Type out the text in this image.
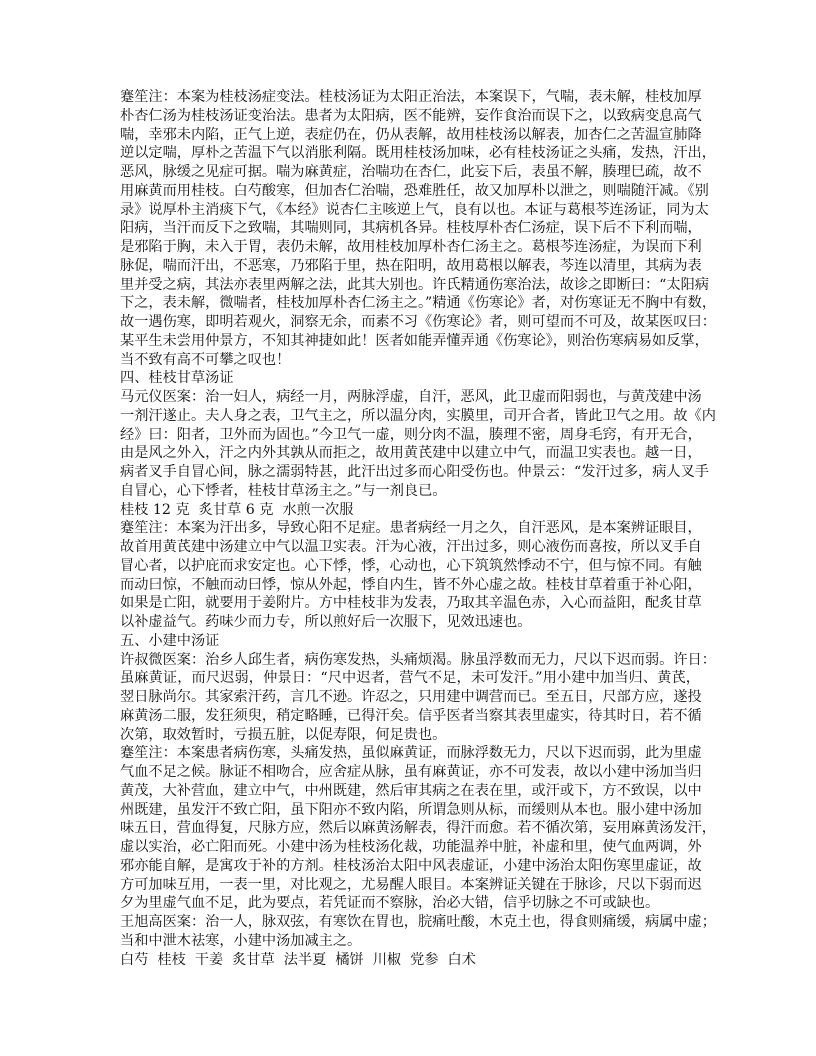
蹇笙注：本案为桂枝汤症变法。桂枝汤证为太阳正治法，本案误下，气喘，表未解，桂枝加厚
朴杏仁汤为桂枝汤证变治法。患者为太阳病，医不能辨，妄作食治而误下之，以致病变息高气
喘，幸邪未内陷，正气上逆，表症仍在，仍从表解，故用桂枝汤以解表，加杏仁之苦温宣肺降
逆以定喘，厚朴之苦温下气以消胀利隔。既用桂枝汤加味，必有桂枝汤证之头痛，发热，汗出，
恶风，脉缓之见症可据。喘为麻黄症，治喘功在杏仁，此妄下后，表虽不解，腠理巳疏，故不
用麻黄而用桂枝。白芍酸寒，但加杏仁治喘，恐难胜任，故又加厚朴以泄之，则喘随汗减。《别
录》说厚朴主消痰下气，《本经》说杏仁主咳逆上气，良有以也。本证与葛根芩连汤证，同为太
阳病，当汗而反下之致喘，其喘则同，其病机各异。桂枝厚朴杏仁汤症，误下后不下利而喘，
是邪陷于胸，未入于胃，表仍未解，故用桂枝加厚朴杏仁汤主之。葛根芩连汤症，为误而下利
脉促，喘而汗出，不恶寒，乃邪陷于里，热在阳明，故用葛根以解表，芩连以清里，其病为表
里并受之病，其法亦表里两解之法，此其大别也。许氏精通伤寒治法，故诊之即断曰：“太阳病
下之，表未解，微喘者，桂枝加厚朴杏仁汤主之。”精通《伤寒论》者，对伤寒证无不胸中有数，
故一遇伤寒，即明若观火，洞察无余，而素不习《伤寒论》者，则可望而不可及，故某医叹曰：
某平生未尝用仲景方，不知其神捷如此！医者如能弄懂弄通《伤寒论》，则治伤寒病易如反掌，
当不致有高不可攀之叹也！
四、桂枝甘草汤证
马元仪医案：治一妇人，病经一月，两脉浮虚，自汗，恶风，此卫虚而阳弱也，与黄茂建中汤
一剂汗遂止。夫人身之表，卫气主之，所以温分肉，实膜里，司开合者，皆此卫气之用。故《内
经》曰：阳者，卫外而为固也。”今卫气一虚，则分肉不温，腠理不密，周身毛窍，有开无合，
由是风之外入，汗之内外其孰从而拒之，故用黄芪建中以建立中气，而温卫实表也。越一日，
病者叉手自冒心间，脉之濡弱特甚，此汗出过多而心阳受伤也。仲景云：“发汗过多，病人叉手
自冒心，心下悸者，桂枝甘草汤主之。”与一剂良已。
桂枝 12 克  炙甘草 6 克  水煎一次服
蹇笙注：本案为汗出多，导致心阳不足症。患者病经一月之久，自汗恶风，是本案辨证眼目，
故首用黄芪建中汤建立中气以温卫实表。汗为心液，汗出过多，则心液伤而喜按，所以叉手自
冒心者，以护庇而求安定也。心下悸，悸，心动也，心下筑筑然悸动不宁，但与惊不同。有触
而动曰惊，不触而动曰悸，惊从外起，悸自内生，皆不外心虚之故。桂枝甘草着重于补心阳，
如果是亡阳，就要用于姜附片。方中桂枝非为发表，乃取其辛温色赤，入心而益阳，配炙甘草
以补虚益气。药味少而力专，所以煎好后一次服下，见效迅速也。
五、小建中汤证
许叔微医案：治乡人邱生者，病伤寒发热，头痛烦渴。脉虽浮数而无力，尺以下迟而弱。许日：
虽麻黄证，而尺迟弱，仲景日：“尺中迟者，营气不足，未可发汗。”用小建中加当归、黄芪，
翌日脉尚尔。其家索汗药，言几不逊。许忍之，只用建中调营而已。至五日，尺部方应，遂投
麻黄汤二服，发狂须臾，稍定略睡，已得汗矣。信乎医者当察其表里虚实，待其时日，若不循
次第，取效暂时，亏损五脏，以促寿限，何足贵也。
蹇笙注：本案患者病伤寒，头痛发热，虽似麻黄证，而脉浮数无力，尺以下迟而弱，此为里虚
气血不足之候。脉证不相吻合，应舍症从脉，虽有麻黄证，亦不可发表，故以小建中汤加当归
黄茂，大补营血，建立中气，中州既建，然后审其病之在表在里，或汗或下，方不致误，以中
州既建，虽发汗不致亡阳，虽下阳亦不致内陷，所谓急则从标，而缓则从本也。服小建中汤加
味五日，营血得复，尺脉方应，然后以麻黄汤解表，得汗而愈。若不循次第，妄用麻黄汤发汗，
虚以实治，必亡阳而死。小建中汤为桂枝汤化裁，功能温养中脏，补虚和里，使气血两调，外
邪亦能自解，是寓攻于补的方剂。桂枝汤治太阳中风表虚证，小建中汤治太阳伤寒里虚证，故
方可加味互用，一表一里，对比观之，尤易醒人眼目。本案辨证关键在于脉诊，尺以下弱而迟
夕为里虚气血不足，此为要点，若凭证而不察脉，治必大错，信乎切脉之不可或缺也。
王旭高医案：治一人，脉双弦，有寒饮在胃也，脘痛吐酸，木克土也，得食则痛缓，病属中虚；
当和中泄木祛寒，小建中汤加减主之。
白芍  桂枝  干姜  炙甘草  法半夏  橘饼  川椒  党参  白术
